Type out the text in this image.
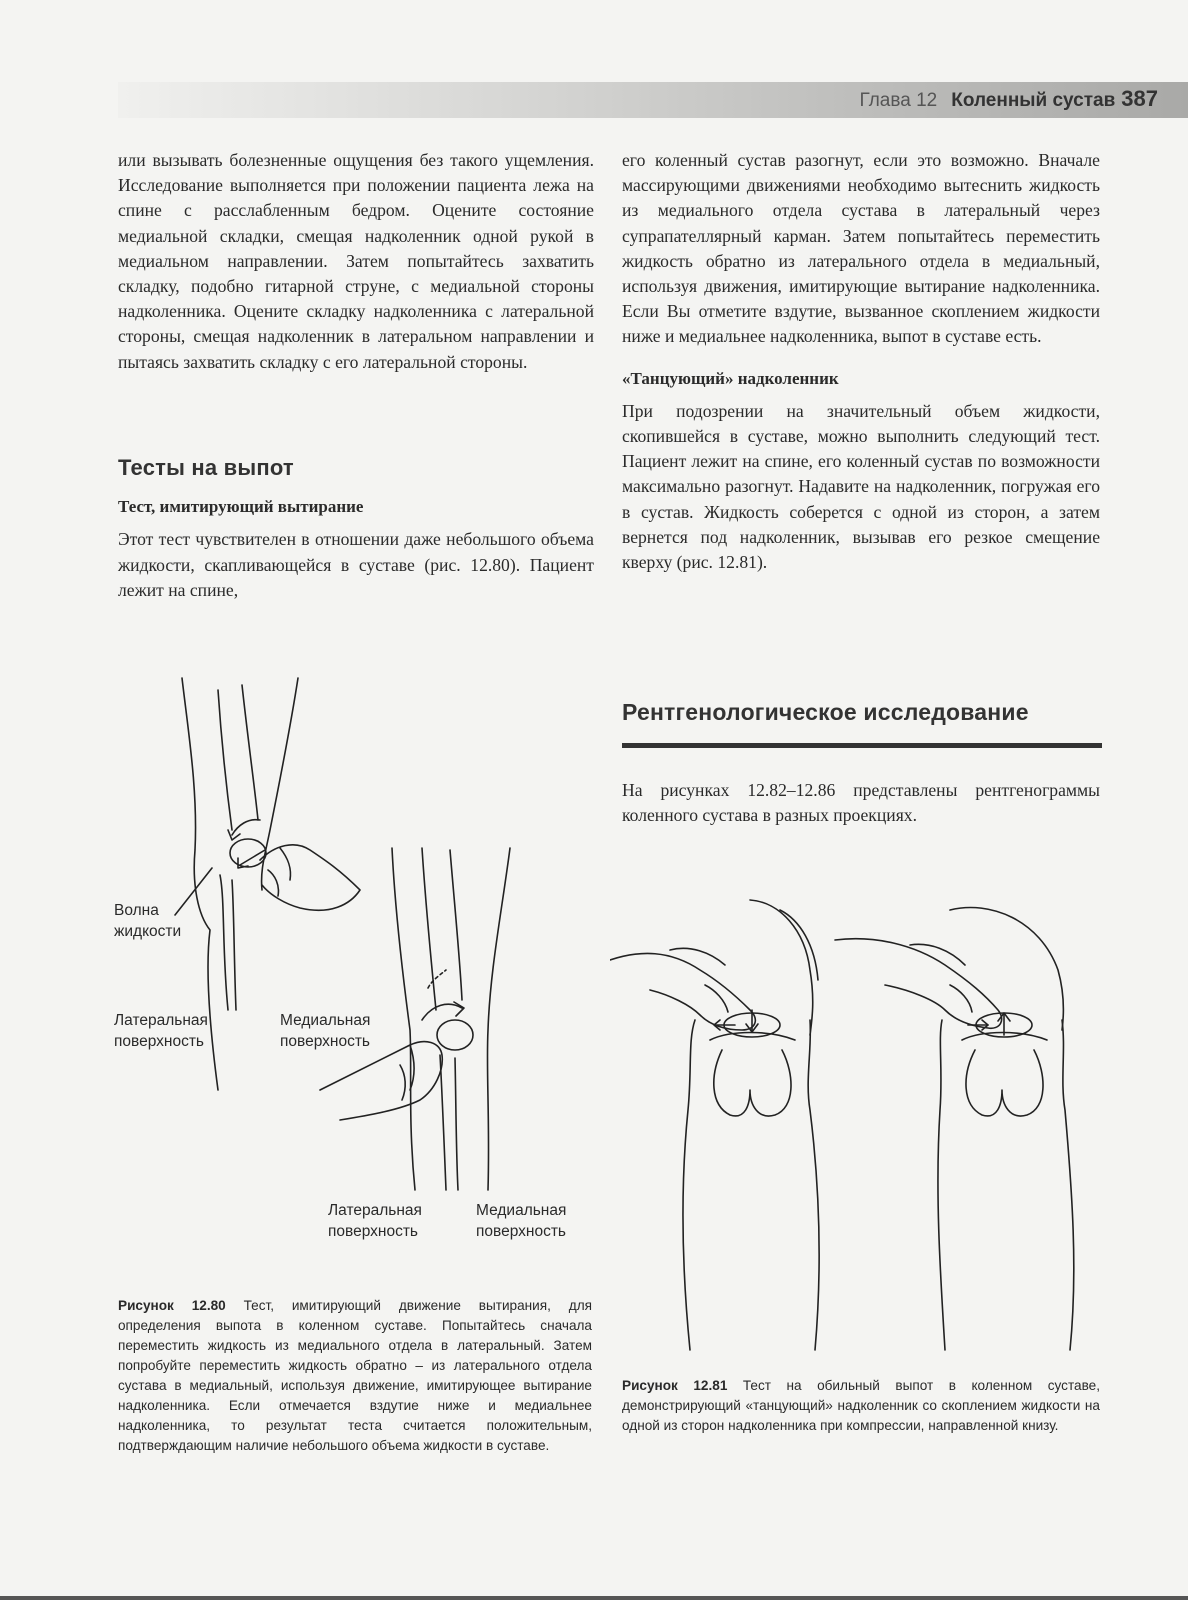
Глава 12 Коленный сустав 387

или вызывать болезненные ощущения без такого ущемления. Исследование выполняется при положении пациента лежа на спине с расслабленным бедром. Оцените состояние медиальной складки, смещая надколенник одной рукой в медиальном направлении. Затем попытайтесь захватить складку, подобно гитарной струне, с медиальной стороны надколенника. Оцените складку надколенника с латеральной стороны, смещая надколенник в латеральном направлении и пытаясь захватить складку с его латеральной стороны.

Тесты на выпот
Тест, имитирующий вытирание

Этот тест чувствителен в отношении даже небольшого объема жидкости, скапливающейся в суставе (рис. 12.80). Пациент лежит на спине,

его коленный сустав разогнут, если это возможно. Вначале массирующими движениями необходимо вытеснить жидкость из медиального отдела сустава в латеральный через супрапателлярный карман. Затем попытайтесь переместить жидкость обратно из латерального отдела в медиальный, используя движения, имитирующие вытирание надколенника. Если Вы отметите вздутие, вызванное скоплением жидкости ниже и медиальнее надколенника, выпот в суставе есть.

«Танцующий» надколенник

При подозрении на значительный объем жидкости, скопившейся в суставе, можно выполнить следующий тест. Пациент лежит на спине, его коленный сустав по возможности максимально разогнут. Надавите на надколенник, погружая его в сустав. Жидкость соберется с одной из сторон, а затем вернется под надколенник, вызывав его резкое смещение кверху (рис. 12.81).

Рентгенологическое исследование

На рисунках 12.82–12.86 представлены рентгенограммы коленного сустава в разных проекциях.

Волна
жидкости
Латеральная
поверхность
Медиальная
поверхность
Латеральная
поверхность
Медиальная
поверхность
Рисунок 12.80 Тест, имитирующий движение вытирания, для определения выпота в коленном суставе. Попытайтесь сначала переместить жидкость из медиального отдела в латеральный. Затем попробуйте переместить жидкость обратно – из латерального отдела сустава в медиальный, используя движение, имитирующее вытирание надколенника. Если отмечается вздутие ниже и медиальнее надколенника, то результат теста считается положительным, подтверждающим наличие небольшого объема жидкости в суставе.
Рисунок 12.81 Тест на обильный выпот в коленном суставе, демонстрирующий «танцующий» надколенник со скоплением жидкости на одной из сторон надколенника при компрессии, направленной книзу.
